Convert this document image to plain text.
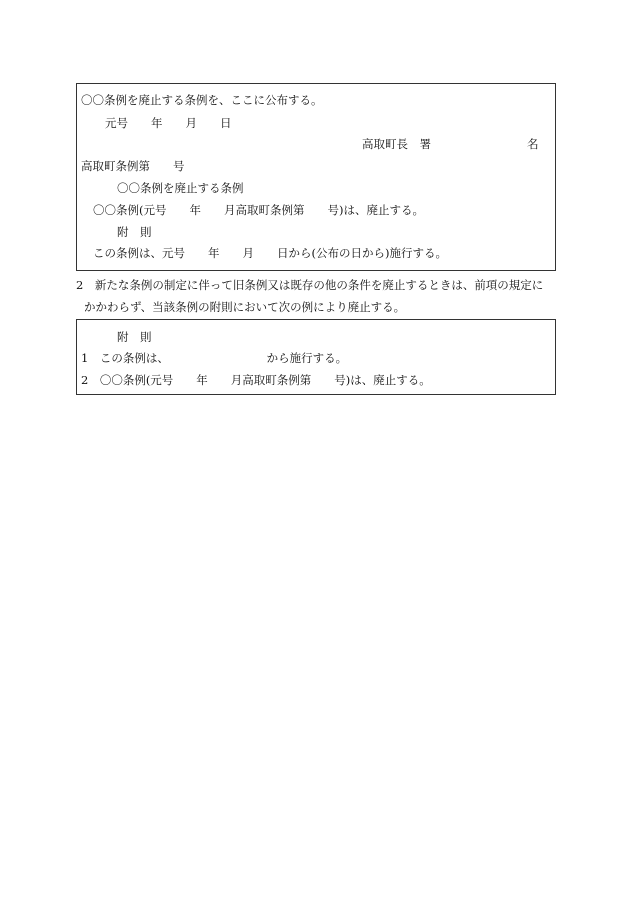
〇〇条例を廃止する条例を、ここに公布する。
元号　　年　　月　　日
高取町長　署	名
高取町条例第　　号
〇〇条例を廃止する条例
〇〇条例(元号　　年　　月高取町条例第　　号)は、廃止する。
附　則
この条例は、元号　　年　　月　　日から(公布の日から)施行する。
2　新たな条例の制定に伴って旧条例又は既存の他の条件を廃止するときは、前項の規定に
かかわらず、当該条例の附則において次の例により廃止する。
附　則
1　この条例は、　　　　　　　　　から施行する。
2　〇〇条例(元号　　年　　月高取町条例第　　号)は、廃止する。
